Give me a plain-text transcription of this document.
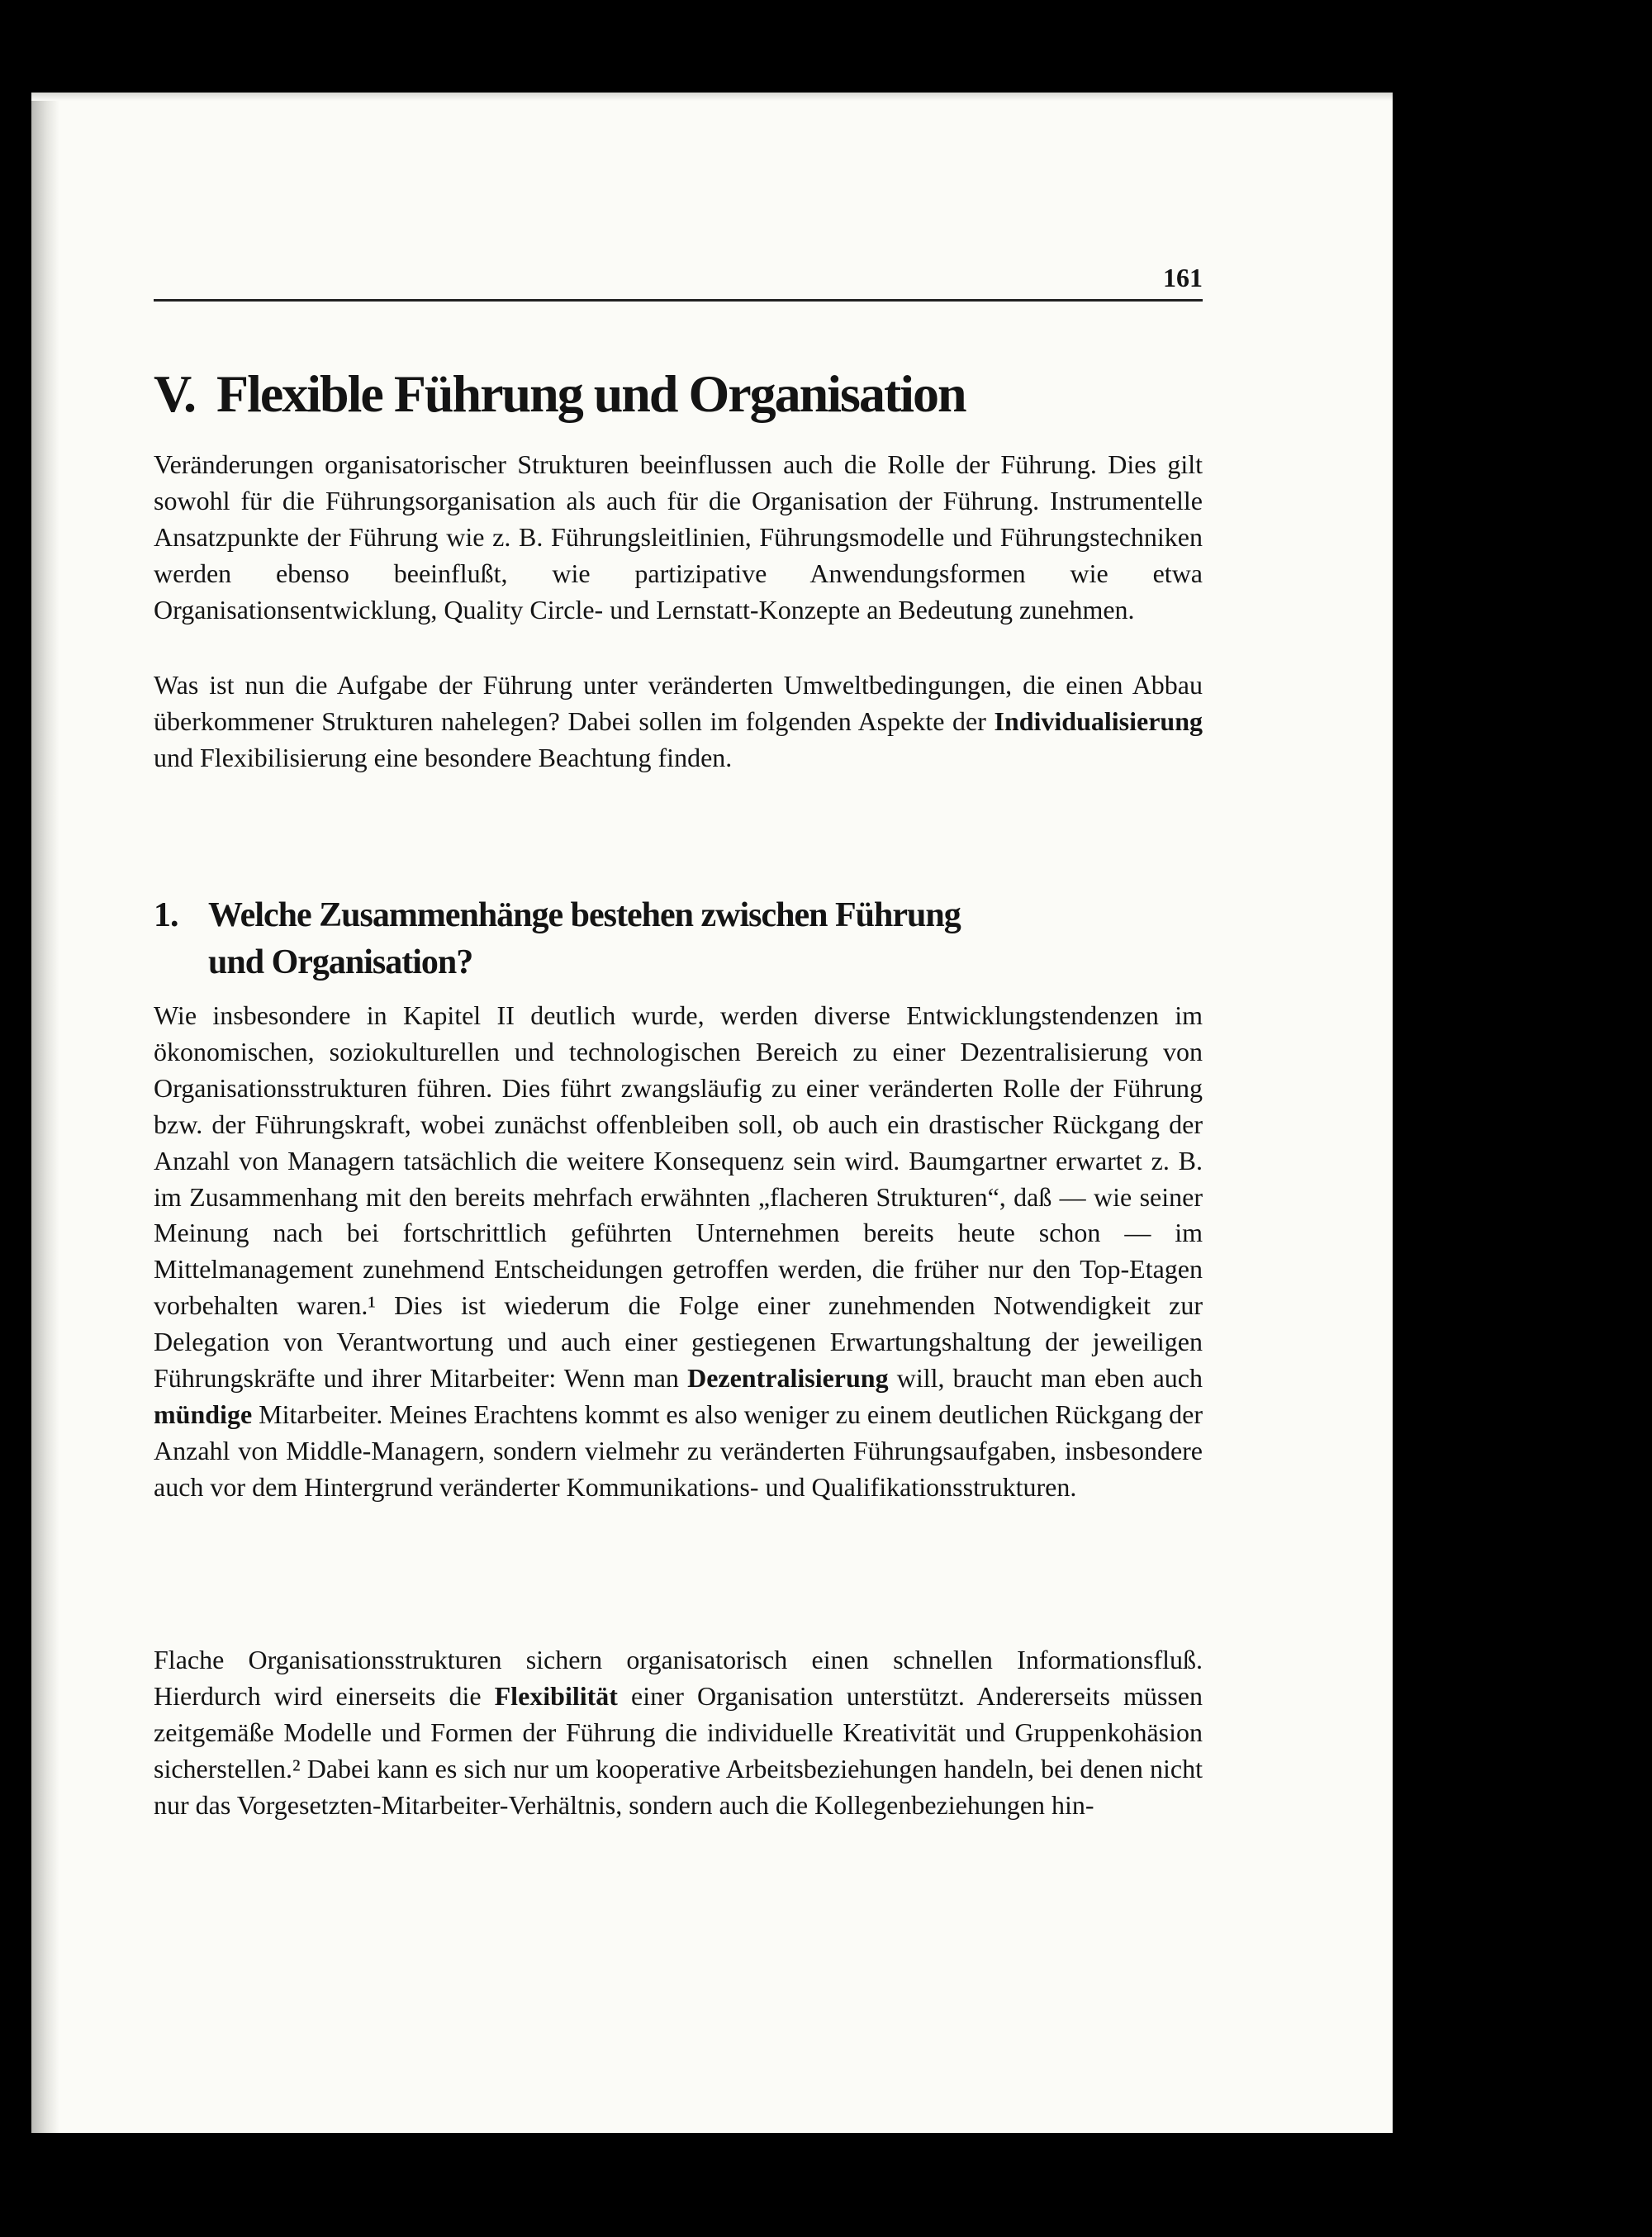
161
V. Flexible Führung und Organisation

Veränderungen organisatorischer Strukturen beeinflussen auch die Rolle der Führung. Dies gilt sowohl für die Führungsorganisation als auch für die Organisation der Führung. Instrumentelle Ansatzpunkte der Führung wie z. B. Führungsleitlinien, Führungsmodelle und Führungstechniken werden ebenso beeinflußt, wie partizipative Anwendungsformen wie etwa Organisationsentwicklung, Quality Circle- und Lernstatt-Konzepte an Bedeutung zunehmen.

Was ist nun die Aufgabe der Führung unter veränderten Umweltbedingungen, die einen Abbau überkommener Strukturen nahelegen? Dabei sollen im folgenden Aspekte der Individualisierung und Flexibilisierung eine besondere Beachtung finden.

1. Welche Zusammenhänge bestehen zwischen Führung
und Organisation?

Wie insbesondere in Kapitel II deutlich wurde, werden diverse Entwicklungstendenzen im ökonomischen, soziokulturellen und technologischen Bereich zu einer Dezentralisierung von Organisationsstrukturen führen. Dies führt zwangsläufig zu einer veränderten Rolle der Führung bzw. der Führungskraft, wobei zunächst offenbleiben soll, ob auch ein drastischer Rückgang der Anzahl von Managern tatsächlich die weitere Konsequenz sein wird. Baumgartner erwartet z. B. im Zusammenhang mit den bereits mehrfach erwähnten „flacheren Strukturen“, daß — wie seiner Meinung nach bei fortschrittlich geführten Unternehmen bereits heute schon — im Mittelmanagement zunehmend Entscheidungen getroffen werden, die früher nur den Top-Etagen vorbehalten waren.¹ Dies ist wiederum die Folge einer zunehmenden Notwendigkeit zur Delegation von Verantwortung und auch einer gestiegenen Erwartungshaltung der jeweiligen Führungskräfte und ihrer Mitarbeiter: Wenn man Dezentralisierung will, braucht man eben auch mündige Mitarbeiter. Meines Erachtens kommt es also weniger zu einem deutlichen Rückgang der Anzahl von Middle-Managern, sondern vielmehr zu veränderten Führungsaufgaben, insbesondere auch vor dem Hintergrund veränderter Kommunikations- und Qualifikationsstrukturen.

Flache Organisationsstrukturen sichern organisatorisch einen schnellen Informationsfluß. Hierdurch wird einerseits die Flexibilität einer Organisation unterstützt. Andererseits müssen zeitgemäße Modelle und Formen der Führung die individuelle Kreativität und Gruppenkohäsion sicherstellen.² Dabei kann es sich nur um kooperative Arbeitsbeziehungen handeln, bei denen nicht nur das Vorgesetzten-Mitarbeiter-Verhältnis, sondern auch die Kollegenbeziehungen hin-
